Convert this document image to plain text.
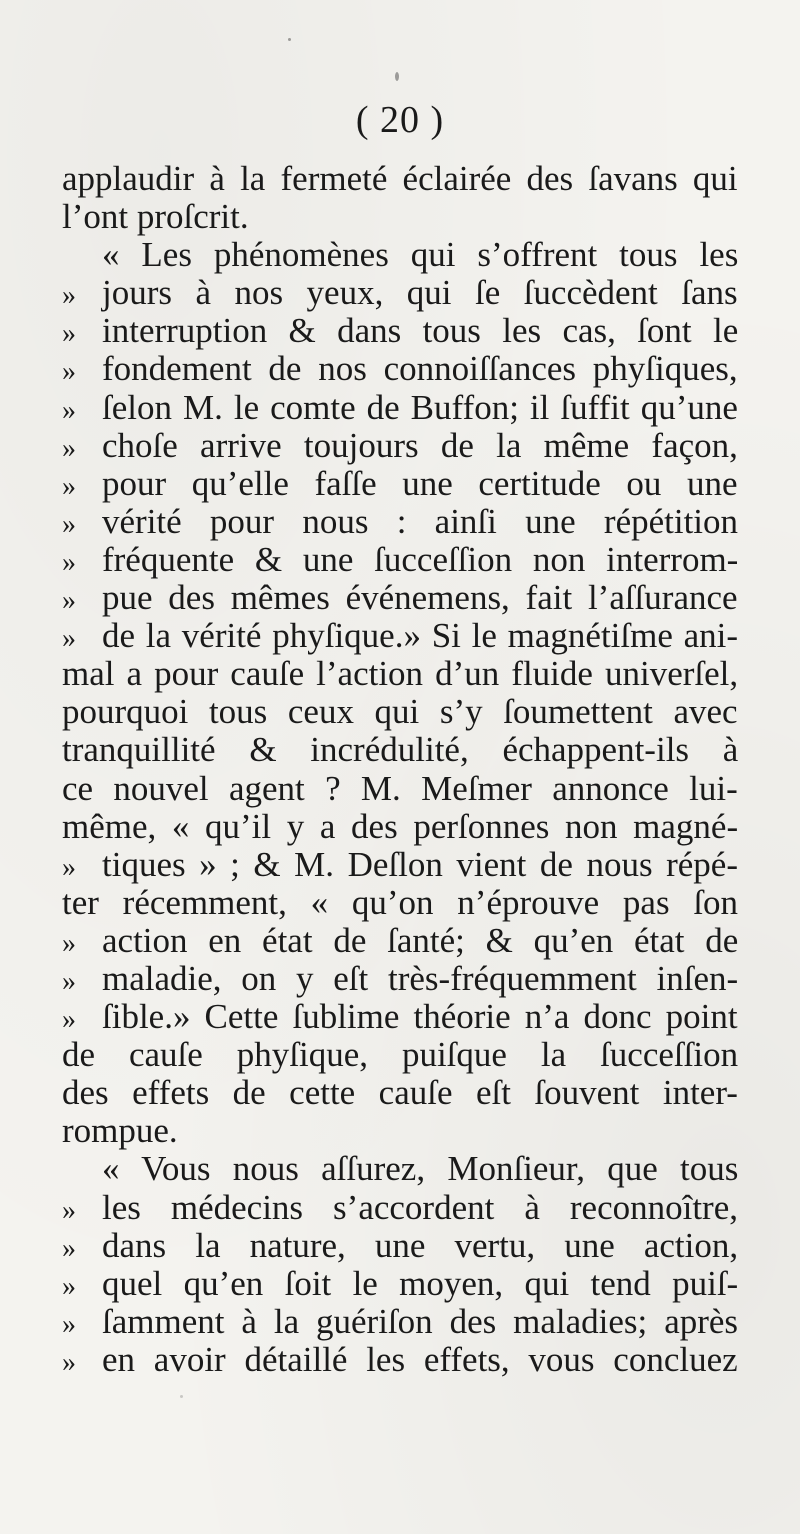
( 20 )
applaudir à la fermeté éclairée des ſavans qui
l’ont proſcrit.
« Les phénomènes qui s’offrent tous les
» jours à nos yeux, qui ſe ſuccèdent ſans
» interruption & dans tous les cas, ſont le
» fondement de nos connoiſſances phyſiques,
» ſelon M. le comte de Buffon; il ſuffit qu’une
» choſe arrive toujours de la même façon,
» pour qu’elle faſſe une certitude ou une
» vérité pour nous : ainſi une répétition
» fréquente & une ſucceſſion non interrom-
» pue des mêmes événemens, fait l’aſſurance
» de la vérité phyſique.» Si le magnétiſme ani-
mal a pour cauſe l’action d’un fluide univerſel,
pourquoi tous ceux qui s’y ſoumettent avec
tranquillité & incrédulité, échappent-ils à
ce nouvel agent ? M. Meſmer annonce lui-
même, « qu’il y a des perſonnes non magné-
» tiques » ; & M. Deſlon vient de nous répé-
ter récemment, « qu’on n’éprouve pas ſon
» action en état de ſanté; & qu’en état de
» maladie, on y eſt très-fréquemment inſen-
» ſible.» Cette ſublime théorie n’a donc point
de cauſe phyſique, puiſque la ſucceſſion
des effets de cette cauſe eſt ſouvent inter-
rompue.
« Vous nous aſſurez, Monſieur, que tous
» les médecins s’accordent à reconnoître,
» dans la nature, une vertu, une action,
» quel qu’en ſoit le moyen, qui tend puiſ-
» ſamment à la guériſon des maladies; après
» en avoir détaillé les effets, vous concluez
